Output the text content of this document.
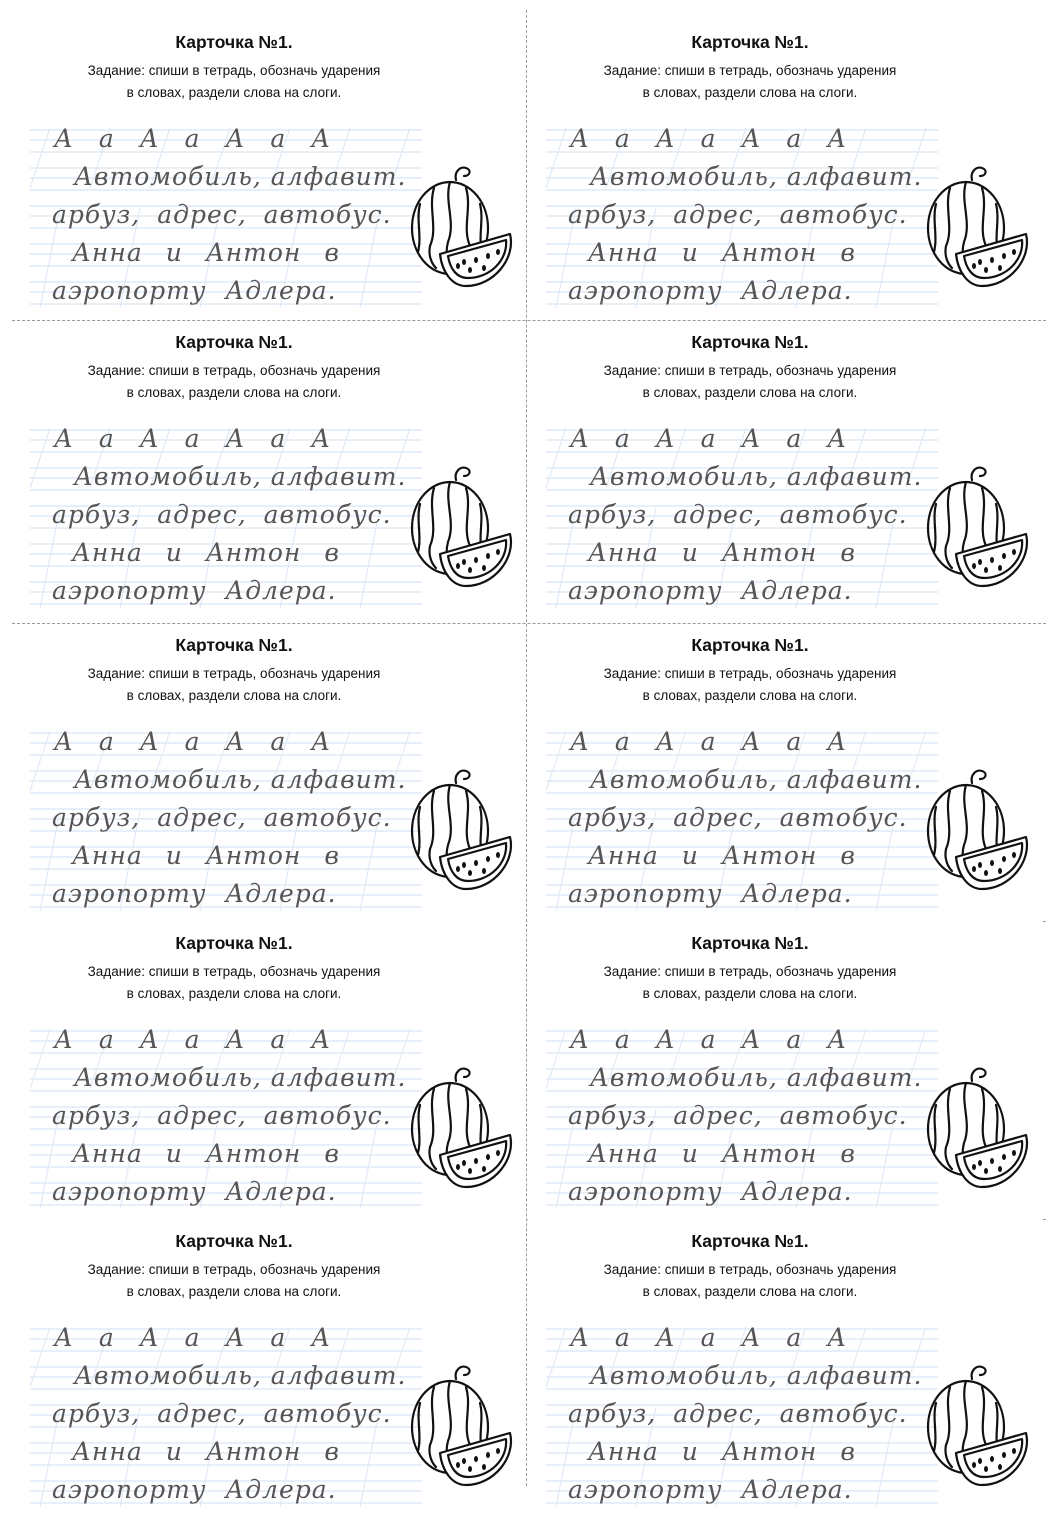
Карточка №1.
Задание: спиши в тетрадь, обозначь ударения
в словах, раздели слова на слоги.
А а А а А а А
Автомобиль, алфавит.
арбуз, адрес, автобус.
Анна и Антон в
аэропорту Адлера.
Карточка №1.
Задание: спиши в тетрадь, обозначь ударения
в словах, раздели слова на слоги.
А а А а А а А
Автомобиль, алфавит.
арбуз, адрес, автобус.
Анна и Антон в
аэропорту Адлера.
Карточка №1.
Задание: спиши в тетрадь, обозначь ударения
в словах, раздели слова на слоги.
А а А а А а А
Автомобиль, алфавит.
арбуз, адрес, автобус.
Анна и Антон в
аэропорту Адлера.
Карточка №1.
Задание: спиши в тетрадь, обозначь ударения
в словах, раздели слова на слоги.
А а А а А а А
Автомобиль, алфавит.
арбуз, адрес, автобус.
Анна и Антон в
аэропорту Адлера.
Карточка №1.
Задание: спиши в тетрадь, обозначь ударения
в словах, раздели слова на слоги.
А а А а А а А
Автомобиль, алфавит.
арбуз, адрес, автобус.
Анна и Антон в
аэропорту Адлера.
Карточка №1.
Задание: спиши в тетрадь, обозначь ударения
в словах, раздели слова на слоги.
А а А а А а А
Автомобиль, алфавит.
арбуз, адрес, автобус.
Анна и Антон в
аэропорту Адлера.
Карточка №1.
Задание: спиши в тетрадь, обозначь ударения
в словах, раздели слова на слоги.
А а А а А а А
Автомобиль, алфавит.
арбуз, адрес, автобус.
Анна и Антон в
аэропорту Адлера.
Карточка №1.
Задание: спиши в тетрадь, обозначь ударения
в словах, раздели слова на слоги.
А а А а А а А
Автомобиль, алфавит.
арбуз, адрес, автобус.
Анна и Антон в
аэропорту Адлера.
Карточка №1.
Задание: спиши в тетрадь, обозначь ударения
в словах, раздели слова на слоги.
А а А а А а А
Автомобиль, алфавит.
арбуз, адрес, автобус.
Анна и Антон в
аэропорту Адлера.
Карточка №1.
Задание: спиши в тетрадь, обозначь ударения
в словах, раздели слова на слоги.
А а А а А а А
Автомобиль, алфавит.
арбуз, адрес, автобус.
Анна и Антон в
аэропорту Адлера.
